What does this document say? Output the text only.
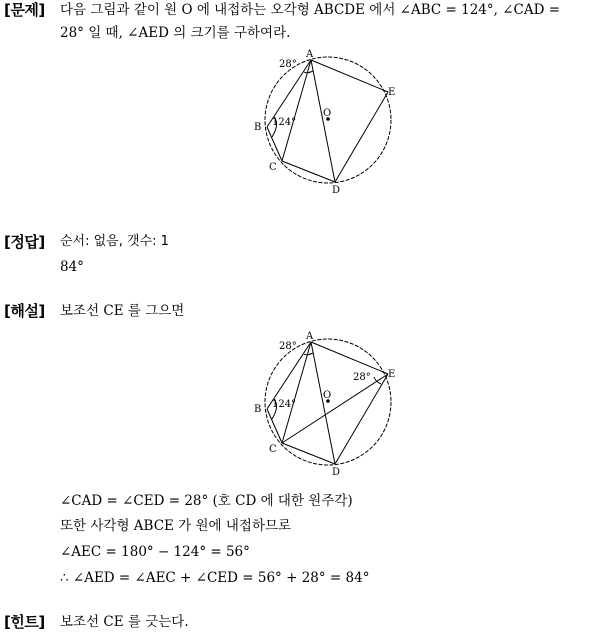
[문제] 다음 그림과 같이 원 O 에 내접하는 오각형 ABCDE 에서 ∠ABC = 124°, ∠CAD =
28° 일 때, ∠AED 의 크기를 구하여라.
A
B
C
D
E
O
28°
124°
[정답] 순서: 없음, 갯수: 1
84°
[해설] 보조선 CE 를 그으면
A
B
C
D
E
O
28°
124°
28°
∠CAD = ∠CED = 28° (호 CD 에 대한 원주각)
또한 사각형 ABCE 가 원에 내접하므로
∠AEC = 180° − 124° = 56°
∴ ∠AED = ∠AEC + ∠CED = 56° + 28° = 84°
[힌트] 보조선 CE 를 긋는다.
